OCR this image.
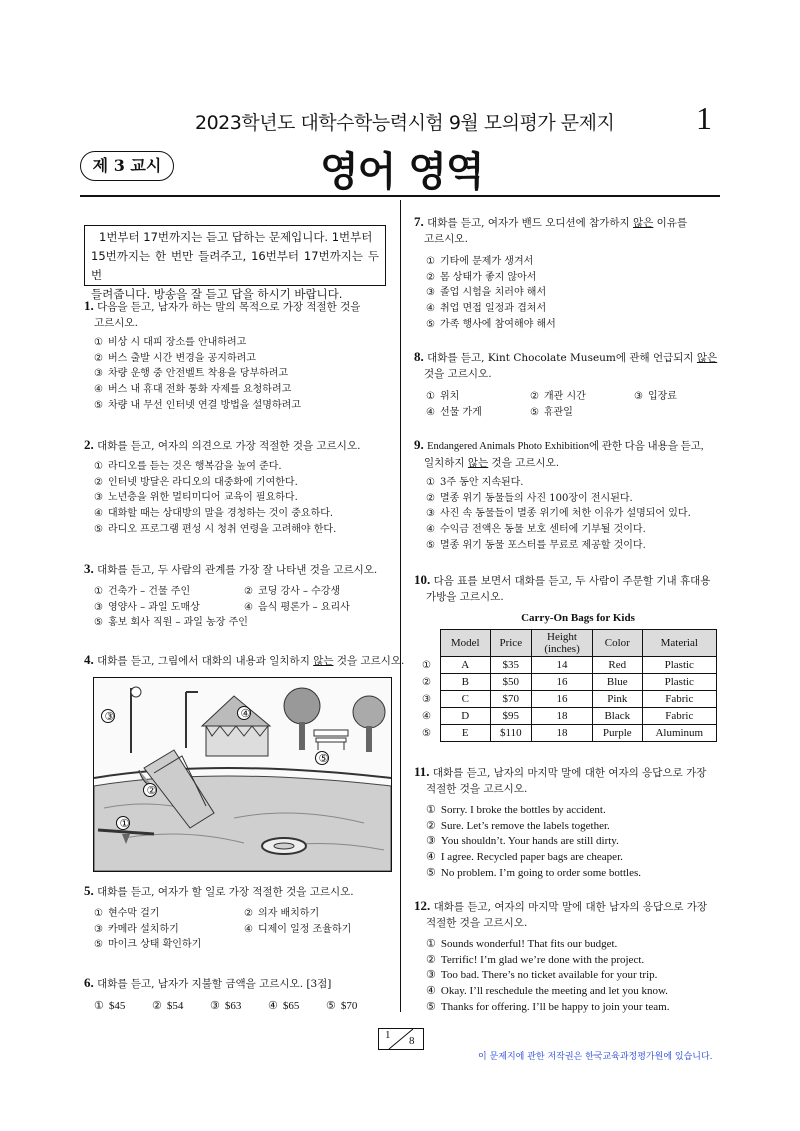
2023학년도 대학수학능력시험 9월 모의평가 문제지	1
제 3 교시	영어 영역
1번부터 17번까지는 듣고 답하는 문제입니다. 1번부터
15번까지는 한 번만 들려주고, 16번부터 17번까지는 두 번
들려줍니다. 방송을 잘 듣고 답을 하시기 바랍니다.
1. 다음을 듣고, 남자가 하는 말의 목적으로 가장 적절한 것을
고르시오.
① 비상 시 대피 장소를 안내하려고
② 버스 출발 시간 변경을 공지하려고
③ 차량 운행 중 안전벨트 착용을 당부하려고
④ 버스 내 휴대 전화 통화 자제를 요청하려고
⑤ 차량 내 무선 인터넷 연결 방법을 설명하려고
2. 대화를 듣고, 여자의 의견으로 가장 적절한 것을 고르시오.
① 라디오를 듣는 것은 행복감을 높여 준다.
② 인터넷 방달은 라디오의 대중화에 기여한다.
③ 노년층을 위한 멀티미디어 교육이 필요하다.
④ 대화할 때는 상대방의 말을 경청하는 것이 중요하다.
⑤ 라디오 프로그램 편성 시 청취 연령을 고려해야 한다.
3. 대화를 듣고, 두 사람의 관계를 가장 잘 나타낸 것을 고르시오.
① 건축가 – 건물 주인	② 코딩 강사 – 수강생
③ 영양사 – 과일 도매상	④ 음식 평론가 – 요리사
⑤ 홍보 회사 직원 – 과일 농장 주인
4. 대화를 듣고, 그림에서 대화의 내용과 일치하지 않는 것을 고르시오.
③	④
⑤
②
①
5. 대화를 듣고, 여자가 할 일로 가장 적절한 것을 고르시오.
① 현수막 걸기	② 의자 배치하기
③ 카메라 설치하기	④ 디제이 일정 조율하기
⑤ 마이크 상태 확인하기
6. 대화를 듣고, 남자가 지불할 금액을 고르시오. [3점]
① $45	② $54	③ $63	④ $65	⑤ $70
7. 대화를 듣고, 여자가 밴드 오디션에 참가하지 않은 이유를
고르시오.
① 기타에 문제가 생겨서
② 몸 상태가 좋지 않아서
③ 졸업 시험을 치러야 해서
④ 취업 면접 일정과 겹쳐서
⑤ 가족 행사에 참여해야 해서
8. 대화를 듣고, Kint Chocolate Museum에 관해 언급되지 않은
것을 고르시오.
① 위치	② 개관 시간	③ 입장료
④ 선물 가게	⑤ 휴관일
9. Endangered Animals Photo Exhibition에 관한 다음 내용을 듣고,
일치하지 않는 것을 고르시오.
① 3주 동안 지속된다.
② 멸종 위기 동물들의 사진 100장이 전시된다.
③ 사진 속 동물들이 멸종 위기에 처한 이유가 설명되어 있다.
④ 수익금 전액은 동물 보호 센터에 기부될 것이다.
⑤ 멸종 위기 동물 포스터를 무료로 제공할 것이다.
10. 다음 표를 보면서 대화를 듣고, 두 사람이 주문할 기내 휴대용
가방을 고르시오.
Carry-On Bags for Kids
①
②
③
④
⑤
Model	Price	Height (inches)	Color	Material
A	$35	14	Red	Plastic
B	$50	16	Blue	Plastic
C	$70	16	Pink	Fabric
D	$95	18	Black	Fabric
E	$110	18	Purple	Aluminum
11. 대화를 듣고, 남자의 마지막 말에 대한 여자의 응답으로 가장
적절한 것을 고르시오.
① Sorry. I broke the bottles by accident.
② Sure. Let’s remove the labels together.
③ You shouldn’t. Your hands are still dirty.
④ I agree. Recycled paper bags are cheaper.
⑤ No problem. I’m going to order some bottles.
12. 대화를 듣고, 여자의 마지막 말에 대한 남자의 응답으로 가장
적절한 것을 고르시오.
① Sounds wonderful! That fits our budget.
② Terrific! I’m glad we’re done with the project.
③ Too bad. There’s no ticket available for your trip.
④ Okay. I’ll reschedule the meeting and let you know.
⑤ Thanks for offering. I’ll be happy to join your team.
1 8
이 문제지에 관한 저작권은 한국교육과정평가원에 있습니다.
